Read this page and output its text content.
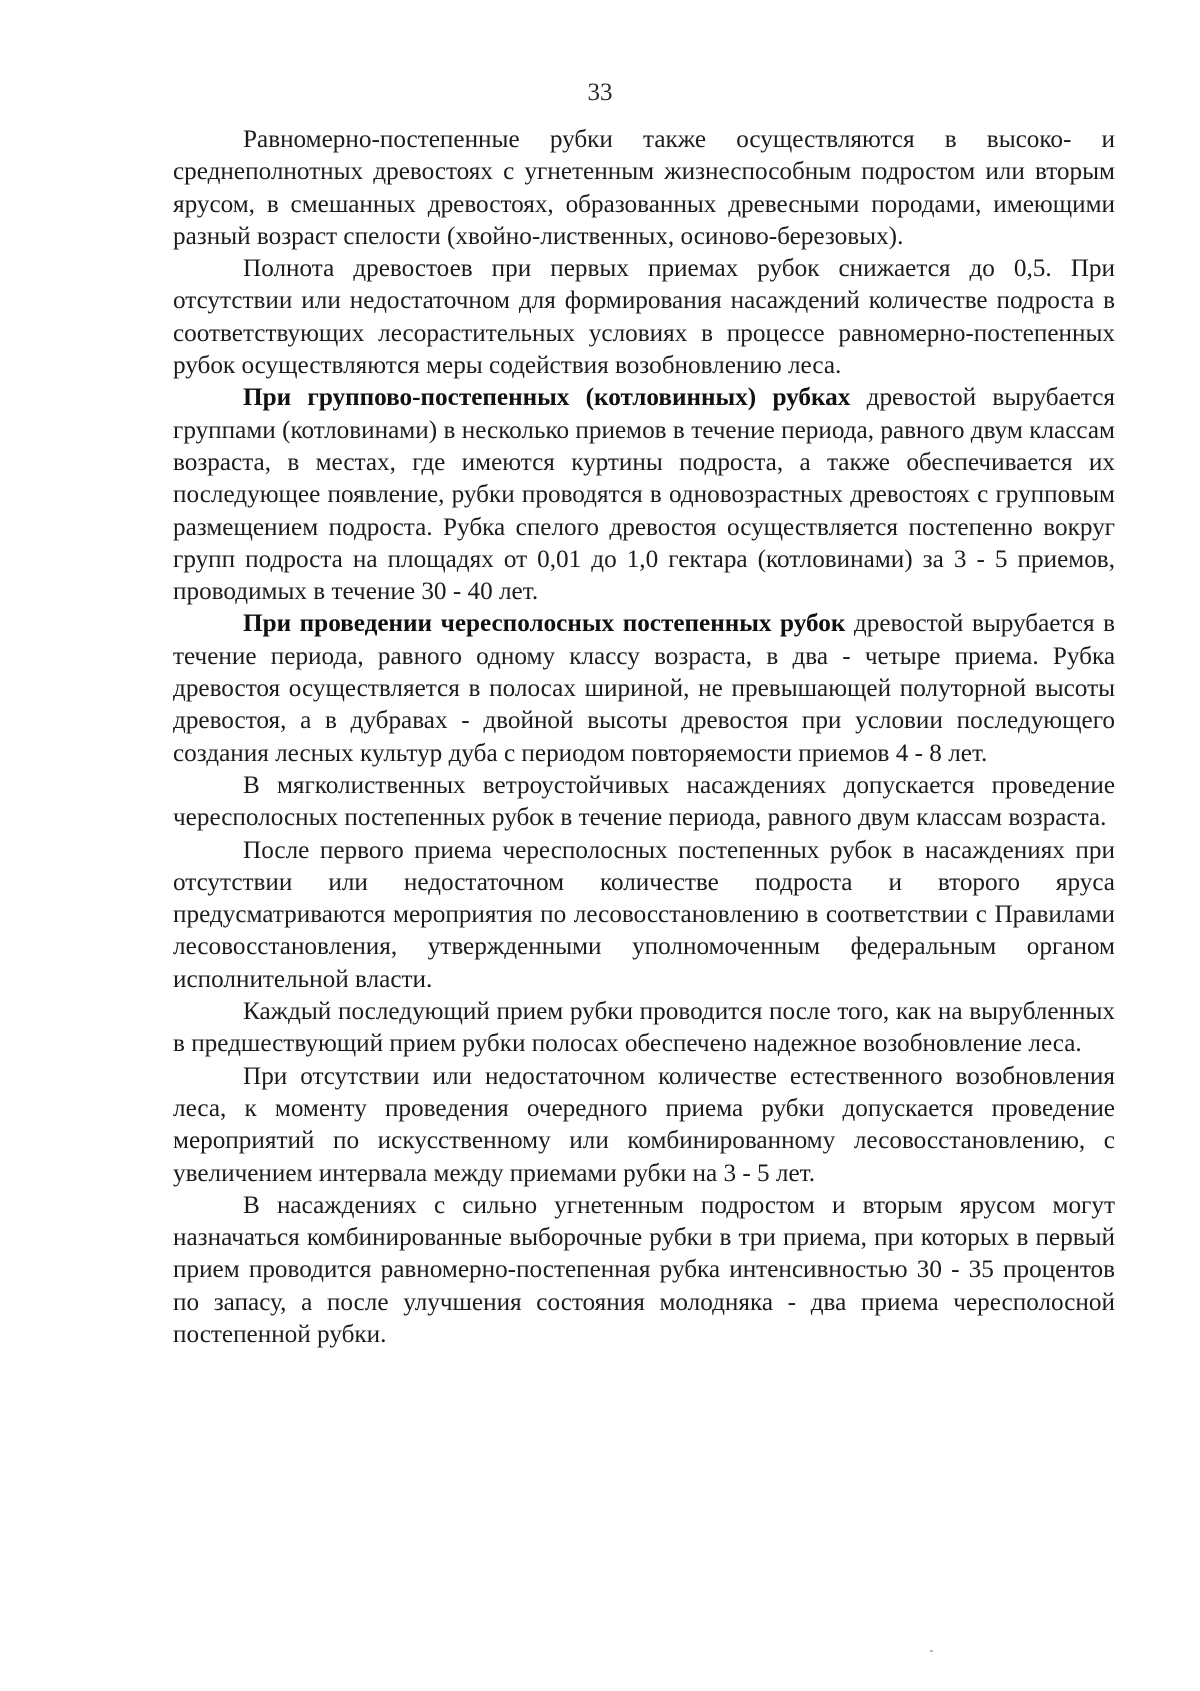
33

Равномерно-постепенные рубки также осуществляются в высоко- и среднеполнотных древостоях с угнетенным жизнеспособным подростом или вторым ярусом, в смешанных древостоях, образованных древесными породами, имеющими разный возраст спелости (хвойно-лиственных, осиново-березовых).

Полнота древостоев при первых приемах рубок снижается до 0,5. При отсутствии или недостаточном для формирования насаждений количестве подроста в соответствующих лесорастительных условиях в процессе равномерно-постепенных рубок осуществляются меры содействия возобновлению леса.

При группово-постепенных (котловинных) рубках древостой вырубается группами (котловинами) в несколько приемов в течение периода, равного двум классам возраста, в местах, где имеются куртины подроста, а также обеспечивается их последующее появление, рубки проводятся в одновозрастных древостоях с групповым размещением подроста. Рубка спелого древостоя осуществляется постепенно вокруг групп подроста на площадях от 0,01 до 1,0 гектара (котловинами) за 3 - 5 приемов, проводимых в течение 30 - 40 лет.

При проведении чересполосных постепенных рубок древостой вырубается в течение периода, равного одному классу возраста, в два - четыре приема. Рубка древостоя осуществляется в полосах шириной, не превышающей полуторной высоты древостоя, а в дубравах - двойной высоты древостоя при условии последующего создания лесных культур дуба с периодом повторяемости приемов 4 - 8 лет.

В мягколиственных ветроустойчивых насаждениях допускается проведение чересполосных постепенных рубок в течение периода, равного двум классам возраста.

После первого приема чересполосных постепенных рубок в насаждениях при отсутствии или недостаточном количестве подроста и второго яруса предусматриваются мероприятия по лесовосстановлению в соответствии с Правилами лесовосстановления, утвержденными уполномоченным федеральным органом исполнительной власти.

Каждый последующий прием рубки проводится после того, как на вырубленных в предшествующий прием рубки полосах обеспечено надежное возобновление леса.

При отсутствии или недостаточном количестве естественного возобновления леса, к моменту проведения очередного приема рубки допускается проведение мероприятий по искусственному или комбинированному лесовосстановлению, с увеличением интервала между приемами рубки на 3 - 5 лет.

В насаждениях с сильно угнетенным подростом и вторым ярусом могут назначаться комбинированные выборочные рубки в три приема, при которых в первый прием проводится равномерно-постепенная рубка интенсивностью 30 - 35 процентов по запасу, а после улучшения состояния молодняка - два приема чересполосной постепенной рубки.
